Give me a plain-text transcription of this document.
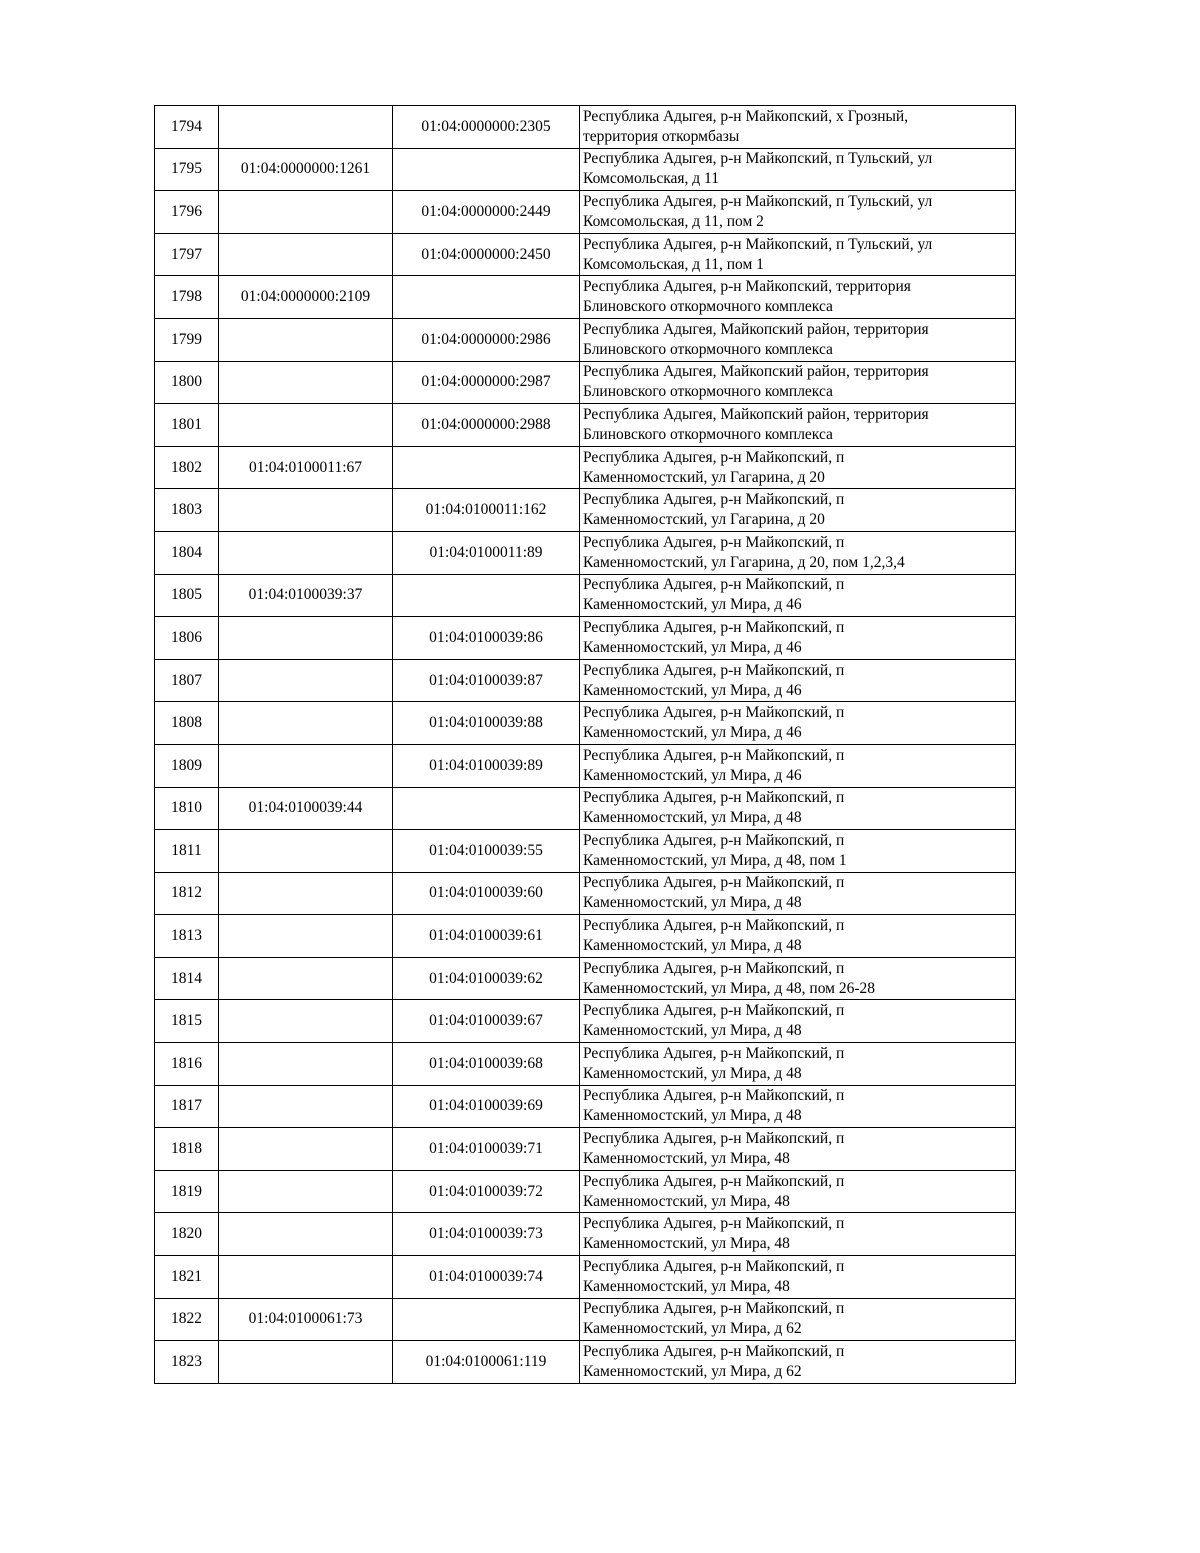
1794		01:04:0000000:2305	Республика Адыгея, р-н Майкопский, х Грозный,
территория откормбазы

1795	01:04:0000000:1261		Республика Адыгея, р-н Майкопский, п Тульский, ул
Комсомольская, д 11

1796		01:04:0000000:2449	Республика Адыгея, р-н Майкопский, п Тульский, ул
Комсомольская, д 11, пом 2

1797		01:04:0000000:2450	Республика Адыгея, р-н Майкопский, п Тульский, ул
Комсомольская, д 11, пом 1

1798	01:04:0000000:2109		Республика Адыгея, р-н Майкопский, территория
Блиновского откормочного комплекса

1799		01:04:0000000:2986	Республика Адыгея, Майкопский район, территория
Блиновского откормочного комплекса

1800		01:04:0000000:2987	Республика Адыгея, Майкопский район, территория
Блиновского откормочного комплекса

1801		01:04:0000000:2988	Республика Адыгея, Майкопский район, территория
Блиновского откормочного комплекса

1802	01:04:0100011:67		Республика Адыгея, р-н Майкопский, п
Каменномостский, ул Гагарина, д 20

1803		01:04:0100011:162	Республика Адыгея, р-н Майкопский, п
Каменномостский, ул Гагарина, д 20

1804		01:04:0100011:89	Республика Адыгея, р-н Майкопский, п
Каменномостский, ул Гагарина, д 20, пом 1,2,3,4

1805	01:04:0100039:37		Республика Адыгея, р-н Майкопский, п
Каменномостский, ул Мира, д 46

1806		01:04:0100039:86	Республика Адыгея, р-н Майкопский, п
Каменномостский, ул Мира, д 46

1807		01:04:0100039:87	Республика Адыгея, р-н Майкопский, п
Каменномостский, ул Мира, д 46

1808		01:04:0100039:88	Республика Адыгея, р-н Майкопский, п
Каменномостский, ул Мира, д 46

1809		01:04:0100039:89	Республика Адыгея, р-н Майкопский, п
Каменномостский, ул Мира, д 46

1810	01:04:0100039:44		Республика Адыгея, р-н Майкопский, п
Каменномостский, ул Мира, д 48

1811		01:04:0100039:55	Республика Адыгея, р-н Майкопский, п
Каменномостский, ул Мира, д 48, пом 1

1812		01:04:0100039:60	Республика Адыгея, р-н Майкопский, п
Каменномостский, ул Мира, д 48

1813		01:04:0100039:61	Республика Адыгея, р-н Майкопский, п
Каменномостский, ул Мира, д 48

1814		01:04:0100039:62	Республика Адыгея, р-н Майкопский, п
Каменномостский, ул Мира, д 48, пом 26-28

1815		01:04:0100039:67	Республика Адыгея, р-н Майкопский, п
Каменномостский, ул Мира, д 48

1816		01:04:0100039:68	Республика Адыгея, р-н Майкопский, п
Каменномостский, ул Мира, д 48

1817		01:04:0100039:69	Республика Адыгея, р-н Майкопский, п
Каменномостский, ул Мира, д 48

1818		01:04:0100039:71	Республика Адыгея, р-н Майкопский, п
Каменномостский, ул Мира, 48

1819		01:04:0100039:72	Республика Адыгея, р-н Майкопский, п
Каменномостский, ул Мира, 48

1820		01:04:0100039:73	Республика Адыгея, р-н Майкопский, п
Каменномостский, ул Мира, 48

1821		01:04:0100039:74	Республика Адыгея, р-н Майкопский, п
Каменномостский, ул Мира, 48

1822	01:04:0100061:73		Республика Адыгея, р-н Майкопский, п
Каменномостский, ул Мира, д 62

1823		01:04:0100061:119	Республика Адыгея, р-н Майкопский, п
Каменномостский, ул Мира, д 62
